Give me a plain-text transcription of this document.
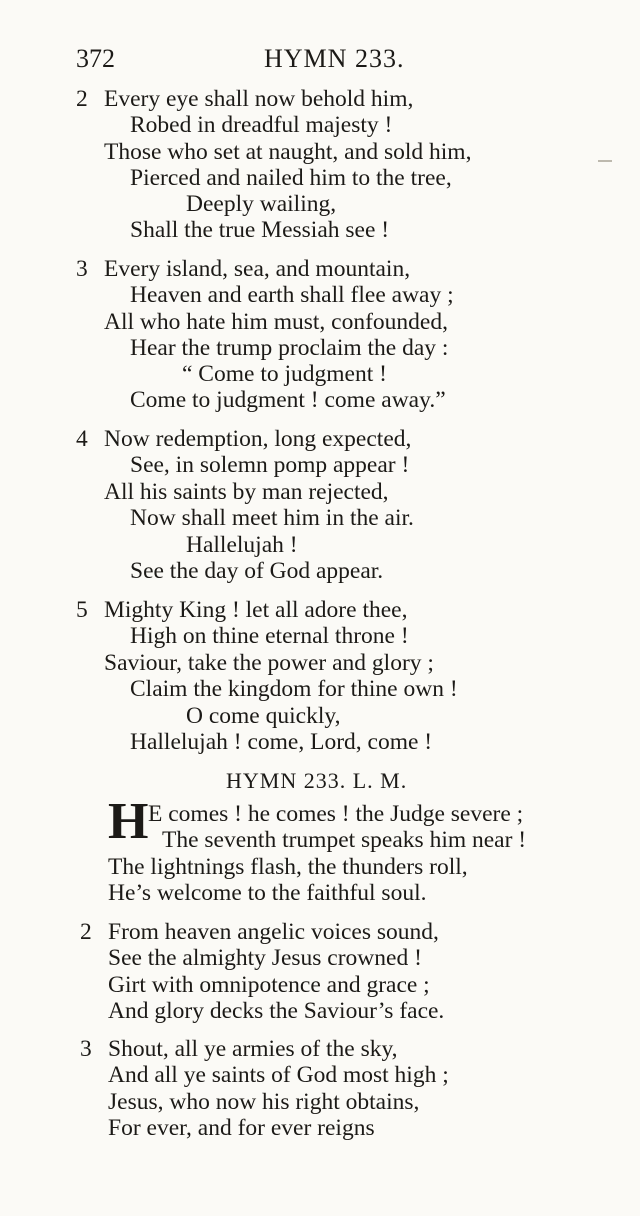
372	HYMN 233.
2 Every eye shall now behold him,
Robed in dreadful majesty !
Those who set at naught, and sold him,
Pierced and nailed him to the tree,
Deeply wailing,
Shall the true Messiah see !
3 Every island, sea, and mountain,
Heaven and earth shall flee away ;
All who hate him must, confounded,
Hear the trump proclaim the day :
“ Come to judgment !
Come to judgment ! come away.”
4 Now redemption, long expected,
See, in solemn pomp appear !
All his saints by man rejected,
Now shall meet him in the air.
Hallelujah !
See the day of God appear.
5 Mighty King ! let all adore thee,
High on thine eternal throne !
Saviour, take the power and glory ;
Claim the kingdom for thine own !
O come quickly,
Hallelujah ! come, Lord, come !
HYMN 233. L. M.
H E comes ! he comes ! the Judge severe ;
The seventh trumpet speaks him near !
The lightnings flash, the thunders roll,
He’s welcome to the faithful soul.
2 From heaven angelic voices sound,
See the almighty Jesus crowned !
Girt with omnipotence and grace ;
And glory decks the Saviour’s face.
3 Shout, all ye armies of the sky,
And all ye saints of God most high ;
Jesus, who now his right obtains,
For ever, and for ever reigns
